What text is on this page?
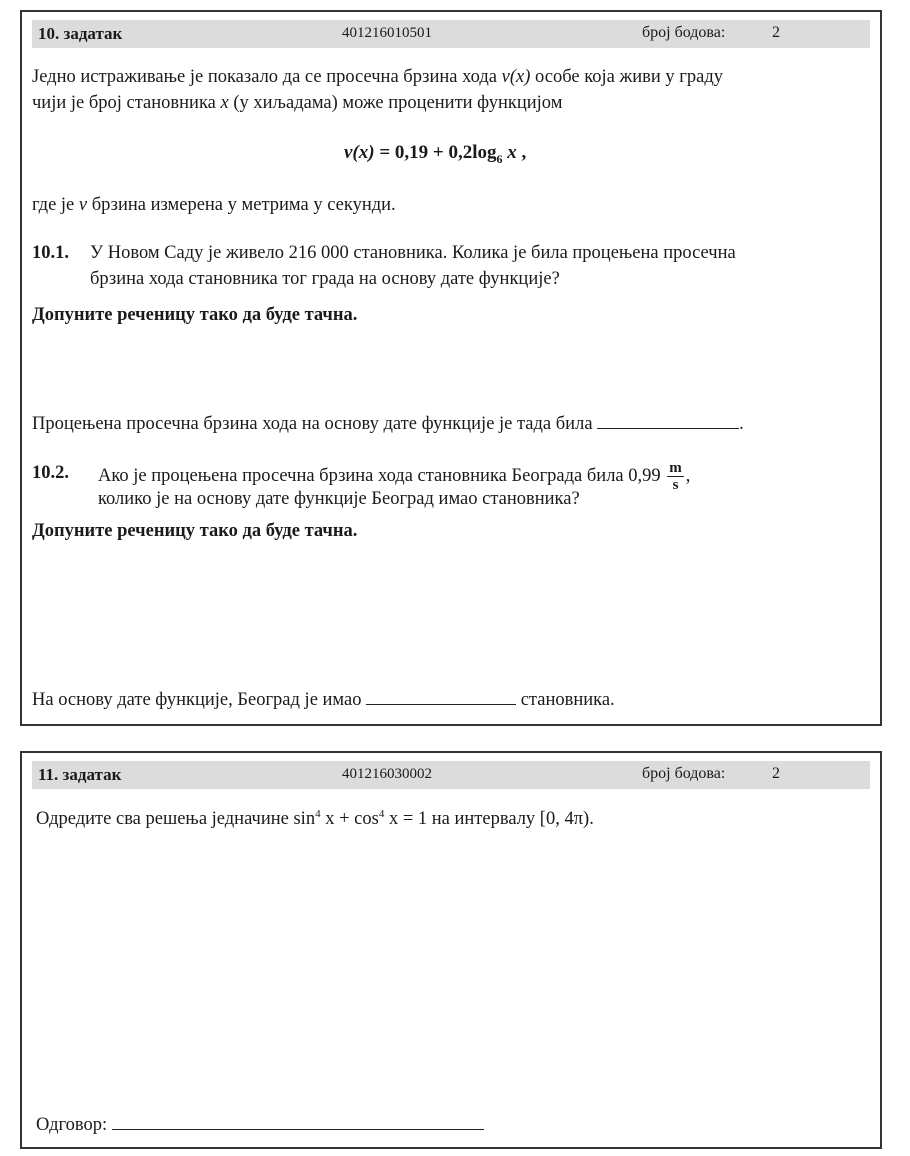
10. задатак	401216010501	број бодова:	2
Једно истраживање је показало да се просечна брзина хода v(x) особе која живи у граду
чији је број становника x (у хиљадама) може проценити функцијом
$v(x) = 0,19 + 0,2\log_6$ x ,
где је v брзина измерена у метрима у секунди.
10.1. У Новом Саду је живело 216 000 становника. Колика је била процењена просечна
брзина хода становника тог града на основу дате функције?
Допуните реченицу тако да буде тачна.
Процењена просечна брзина хода на основу дате функције је тада била	.
10.2. Ако је процењена просечна брзина хода становника Београда била $0,99 \frac{m}{s}$ ,
колико је на основу дате функције Београд имао становника?
Допуните реченицу тако да буде тачна.
На основу дате функције, Београд је имао	становника.
11. задатак	401216030002	број бодова:	2
Одредите сва решења једначине $\sin^4 x + \cos^4 x = 1$ на интервалу [0, 4π).
Одговор:
